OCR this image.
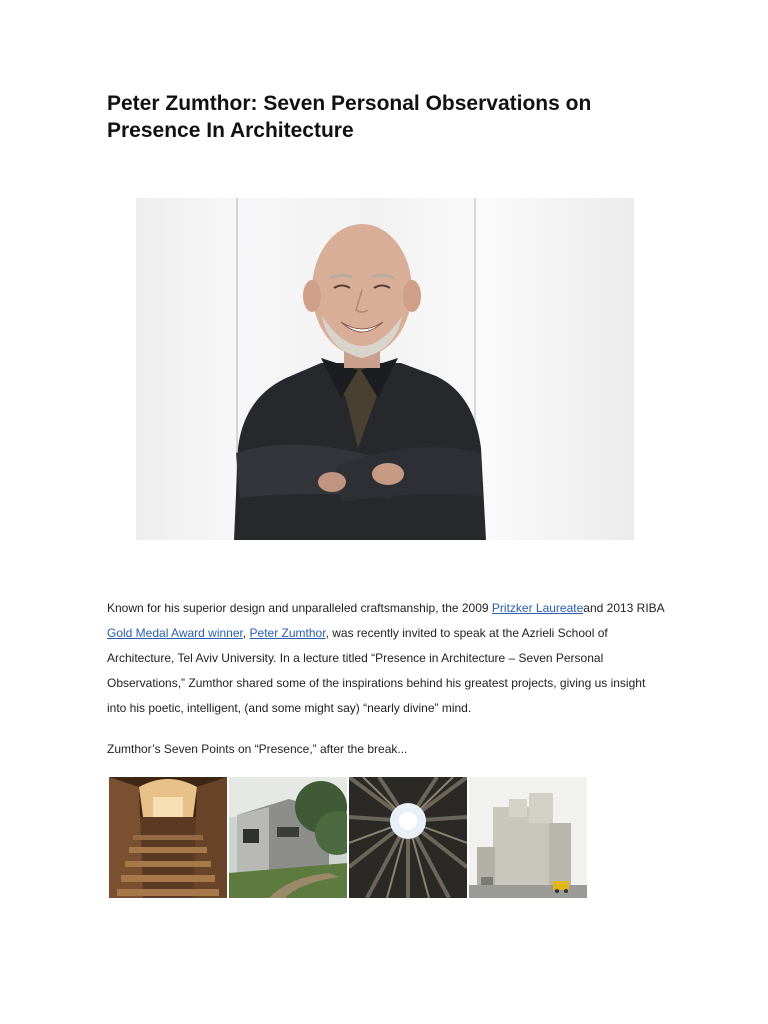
Peter Zumthor: Seven Personal Observations on Presence In Architecture

Known for his superior design and unparalleled craftsmanship, the 2009 Pritzker Laureateand 2013 RIBA Gold Medal Award winner, Peter Zumthor, was recently invited to speak at the Azrieli School of Architecture, Tel Aviv University. In a lecture titled “Presence in Architecture – Seven Personal Observations,” Zumthor shared some of the inspirations behind his greatest projects, giving us insight into his poetic, intelligent, (and some might say) “nearly divine” mind.

Zumthor’s Seven Points on “Presence,” after the break...
